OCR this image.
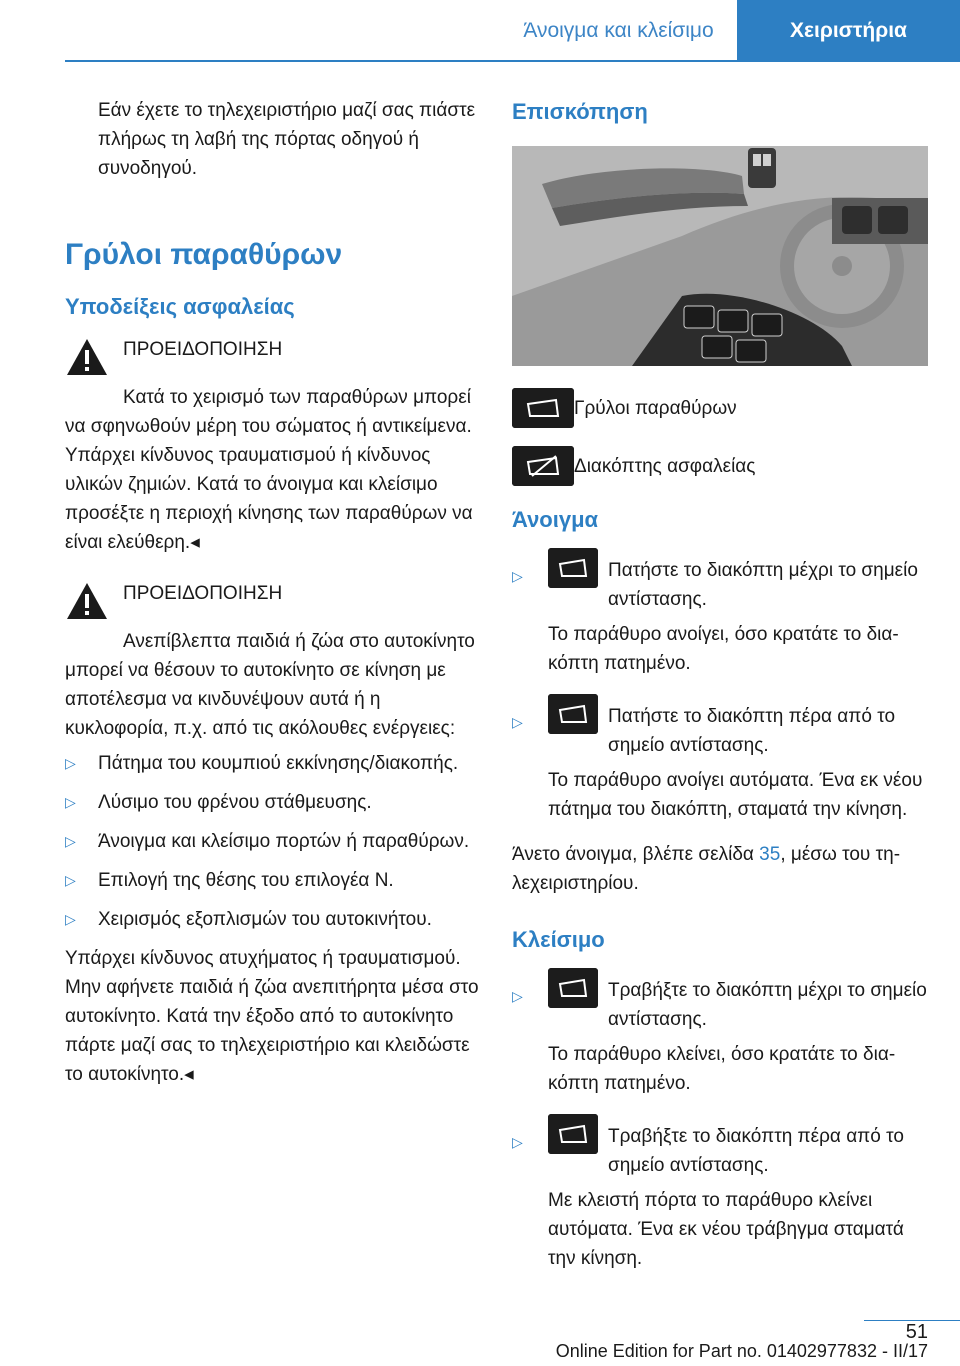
Άνοιγμα και κλείσιμο	Χειριστήρια

Εάν έχετε το τηλεχειριστήριο μαζί σας πιάστε πλήρως τη λαβή της πόρτας οδηγού ή συνοδηγού.

Γρύλοι παραθύρων
Υποδείξεις ασφαλείας

ΠΡΟΕΙΔΟΠΟΙΗΣΗ

Κατά το χειρισμό των παραθύρων μπορεί να σφηνωθούν μέρη του σώματος ή αντικείμενα. Υπάρχει κίνδυνος τραυματισμού ή κίνδυνος υλικών ζημιών. Κατά το άνοιγμα και κλείσιμο προσέξτε η περιοχή κίνησης των παραθύρων να είναι ελεύθερη.◂

ΠΡΟΕΙΔΟΠΟΙΗΣΗ

Ανεπίβλεπτα παιδιά ή ζώα στο αυτοκίνητο μπορεί να θέσουν το αυτοκίνητο σε κίνηση με αποτέλεσμα να κινδυνέψουν αυτά ή η κυκλοφορία, π.χ. από τις ακόλουθες ενέργειες:

▷	Πάτημα του κουμπιού εκκίνησης/διακοπής.
▷	Λύσιμο του φρένου στάθμευσης.
▷	Άνοιγμα και κλείσιμο πορτών ή παραθύρων.
▷	Επιλογή της θέσης του επιλογέα N.
▷	Χειρισμός εξοπλισμών του αυτοκινήτου.

Υπάρχει κίνδυνος ατυχήματος ή τραυματισμού. Μην αφήνετε παιδιά ή ζώα ανεπιτήρητα μέσα στο αυτοκίνητο. Κατά την έξοδο από το αυτοκίνητο πάρτε μαζί σας το τηλεχειριστήριο και κλειδώστε το αυτοκίνητο.◂

Επισκόπηση
Γρύλοι παραθύρων
Διακόπτης ασφαλείας
Άνοιγμα
▷	Πατήστε το διακόπτη μέχρι το σημείο αντίστασης.

Το παράθυρο ανοίγει, όσο κρατάτε το διακόπτη πατημένο.

▷	Πατήστε το διακόπτη πέρα από το σημείο αντίστασης.

Το παράθυρο ανοίγει αυτόματα. Ένα εκ νέου πάτημα του διακόπτη, σταματά την κίνηση.

Άνετο άνοιγμα, βλέπε σελίδα 35, μέσω του τηλεχειριστηρίου.

Κλείσιμο
▷	Τραβήξτε το διακόπτη μέχρι το σημείο αντίστασης.

Το παράθυρο κλείνει, όσο κρατάτε το διακόπτη πατημένο.

▷	Τραβήξτε το διακόπτη πέρα από το σημείο αντίστασης.

Με κλειστή πόρτα το παράθυρο κλείνει αυτόματα. Ένα εκ νέου τράβηγμα σταματά την κίνηση.

51
Online Edition for Part no. 01402977832 - II/17
